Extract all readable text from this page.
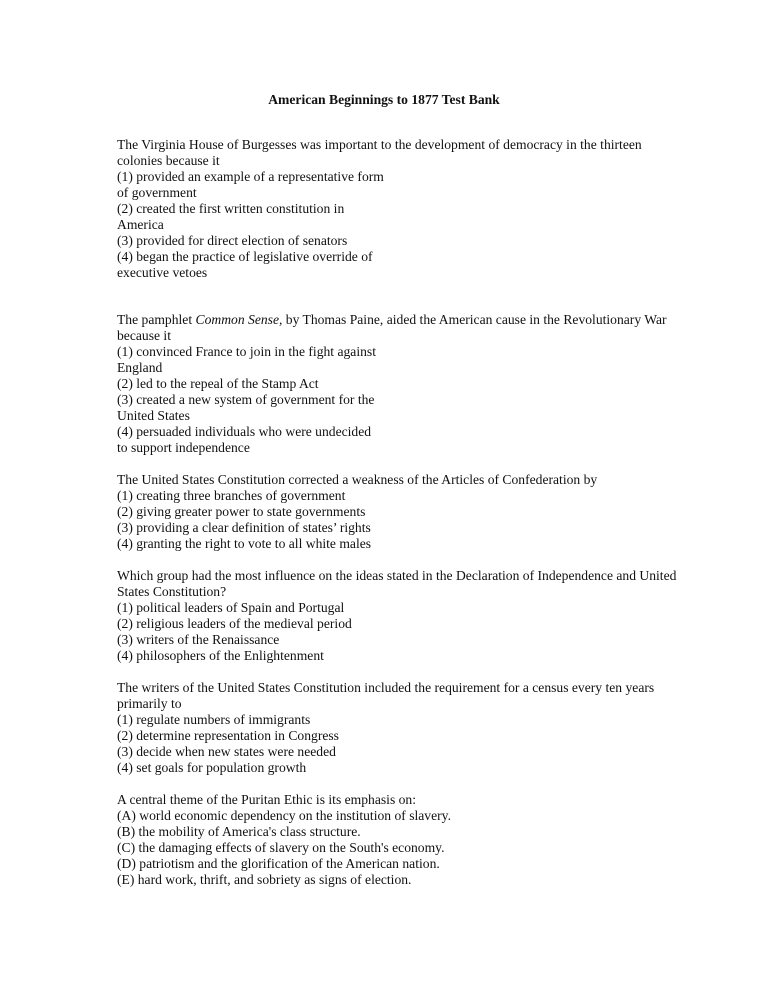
American Beginnings to 1877 Test Bank
The Virginia House of Burgesses was important to the development of democracy in the thirteen
colonies because it
(1) provided an example of a representative form
of government
(2) created the first written constitution in
America
(3) provided for direct election of senators
(4) began the practice of legislative override of
executive vetoes
The pamphlet Common Sense, by Thomas Paine, aided the American cause in the Revolutionary War
because it
(1) convinced France to join in the fight against
England
(2) led to the repeal of the Stamp Act
(3) created a new system of government for the
United States
(4) persuaded individuals who were undecided
to support independence
The United States Constitution corrected a weakness of the Articles of Confederation by
(1) creating three branches of government
(2) giving greater power to state governments
(3) providing a clear definition of states’ rights
(4) granting the right to vote to all white males
Which group had the most influence on the ideas stated in the Declaration of Independence and United
States Constitution?
(1) political leaders of Spain and Portugal
(2) religious leaders of the medieval period
(3) writers of the Renaissance
(4) philosophers of the Enlightenment
The writers of the United States Constitution included the requirement for a census every ten years
primarily to
(1) regulate numbers of immigrants
(2) determine representation in Congress
(3) decide when new states were needed
(4) set goals for population growth
A central theme of the Puritan Ethic is its emphasis on:
(A) world economic dependency on the institution of slavery.
(B) the mobility of America's class structure.
(C) the damaging effects of slavery on the South's economy.
(D) patriotism and the glorification of the American nation.
(E) hard work, thrift, and sobriety as signs of election.
